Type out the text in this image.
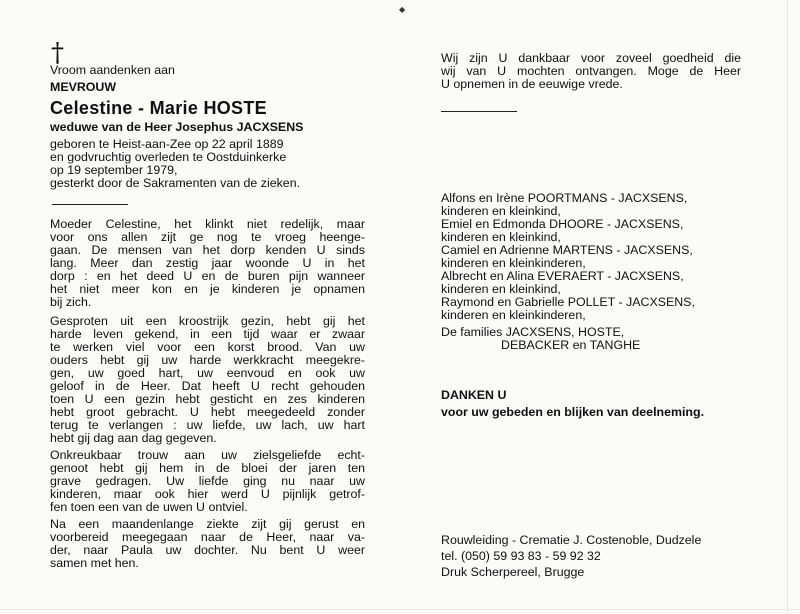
◆
†
Vroom aandenken aan
MEVROUW
Celestine - Marie HOSTE
weduwe van de Heer Josephus JACXSENS
geboren te Heist-aan-Zee op 22 april 1889
en godvruchtig overleden te Oostduinkerke
op 19 september 1979,
gesterkt door de Sakramenten van de zieken.
Moeder Celestine, het klinkt niet redelijk, maar
voor ons allen zijt ge nog te vroeg heenge-
gaan. De mensen van het dorp kenden U sinds
lang. Meer dan zestig jaar woonde U in het
dorp : en het deed U en de buren pijn wanneer
het niet meer kon en je kinderen je opnamen
bij zich.
Gesproten uit een kroostrijk gezin, hebt gij het
harde leven gekend, in een tijd waar er zwaar
te werken viel voor een korst brood. Van uw
ouders hebt gij uw harde werkkracht meegekre-
gen, uw goed hart, uw eenvoud en ook uw
geloof in de Heer. Dat heeft U recht gehouden
toen U een gezin hebt gesticht en zes kinderen
hebt groot gebracht. U hebt meegedeeld zonder
terug te verlangen : uw liefde, uw lach, uw hart
hebt gij dag aan dag gegeven.
Onkreukbaar trouw aan uw zielsgeliefde echt-
genoot hebt gij hem in de bloei der jaren ten
grave gedragen. Uw liefde ging nu naar uw
kinderen, maar ook hier werd U pijnlijk getrof-
fen toen een van de uwen U ontviel.
Na een maandenlange ziekte zijt gij gerust en
voorbereid meegegaan naar de Heer, naar va-
der, naar Paula uw dochter. Nu bent U weer
samen met hen.
Wij zijn U dankbaar voor zoveel goedheid die
wij van U mochten ontvangen. Moge de Heer
U opnemen in de eeuwige vrede.
Alfons en Irène POORTMANS - JACXSENS,
kinderen en kleinkind,
Emiel en Edmonda DHOORE - JACXSENS,
kinderen en kleinkind,
Camiel en Adrienne MARTENS - JACXSENS,
kinderen en kleinkinderen,
Albrecht en Alina EVERAERT - JACXSENS,
kinderen en kleinkind,
Raymond en Gabrielle POLLET - JACXSENS,
kinderen en kleinkinderen,
De families JACXSENS, HOSTE,
DEBACKER en TANGHE
DANKEN U
voor uw gebeden en blijken van deelneming.
Rouwleiding - Crematie J. Costenoble, Dudzele
tel. (050) 59 93 83 - 59 92 32
Druk Scherpereel, Brugge
